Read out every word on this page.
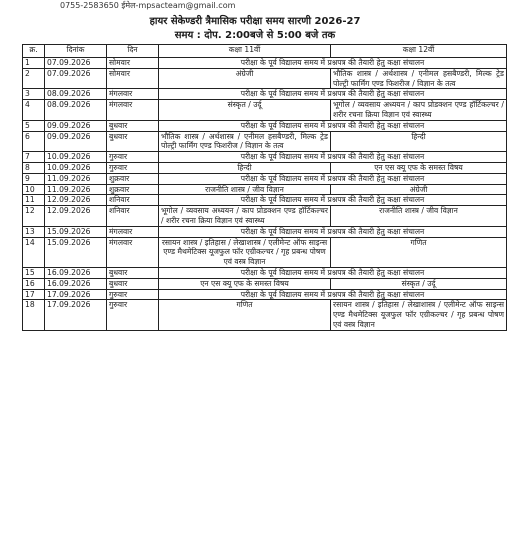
0755-2583650 ईमेल-mpsacteam@gmail.com
हायर सेकेण्डरी त्रैमासिक परीक्षा समय सारणी 2026-27
समय : दोप. 2:00बजे से 5:00 बजे तक
क्र.	दिनांक	दिन	कक्षा 11वीं	कक्षा 12वीं
1	07.09.2026	सोमवार	परीक्षा के पूर्व विद्यालय समय में प्रश्नपत्र की तैयारी हेतु कक्षा संचालन	
2	07.09.2026	सोमवार	अंग्रेजी	भौतिक शास्त्र / अर्थशास्त्र / एनीमल हसबैण्डरी, मिल्क ट्रेड पोल्ट्री फार्मिंग एण्ड फिशरीज / विज्ञान के तत्व
3	08.09.2026	मंगलवार	परीक्षा के पूर्व विद्यालय समय में प्रश्नपत्र की तैयारी हेतु कक्षा संचालन	
4	08.09.2026	मंगलवार	संस्कृत / उर्दू	भूगोल / व्यवसाय अध्ययन / काप प्रोडक्शन एण्ड हॉर्टिकल्चर / शरीर रचना क्रिया विज्ञान एवं स्वास्थ्य
5	09.09.2026	बुधवार	परीक्षा के पूर्व विद्यालय समय में प्रश्नपत्र की तैयारी हेतु कक्षा संचालन	
6	09.09.2026	बुधवार	भौतिक शास्त्र / अर्थशास्त्र / एनीमल हसबैण्डरी, मिल्क ट्रेड पोल्ट्री फार्मिंग एण्ड फिशरीज / विज्ञान के तत्व	हिन्दी
7	10.09.2026	गुरुवार	परीक्षा के पूर्व विद्यालय समय में प्रश्नपत्र की तैयारी हेतु कक्षा संचालन	
8	10.09.2026	गुरुवार	हिन्दी	एन एस क्यू एफ के समस्त विषय
9	11.09.2026	शुक्रवार	परीक्षा के पूर्व विद्यालय समय में प्रश्नपत्र की तैयारी हेतु कक्षा संचालन	
10	11.09.2026	शुक्रवार	राजनीति शास्त्र / जीव विज्ञान	अंग्रेजी
11	12.09.2026	शनिवार	परीक्षा के पूर्व विद्यालय समय में प्रश्नपत्र की तैयारी हेतु कक्षा संचालन	
12	12.09.2026	शनिवार	भूगोल / व्यवसाय अध्ययन / काप प्रोडक्शन एण्ड हॉर्टिकल्चर / शरीर रचना क्रिया विज्ञान एवं स्वास्थ्य	राजनीति शास्त्र / जीव विज्ञान
13	15.09.2026	मंगलवार	परीक्षा के पूर्व विद्यालय समय में प्रश्नपत्र की तैयारी हेतु कक्षा संचालन	
14	15.09.2026	मंगलवार	रसायन शास्त्र / इतिहास / लेखाशास्त्र / एलीमेन्ट ऑफ साइन्स एण्ड मैथमेटिक्स यूजफुल फॉर एग्रीकल्चर / गृह प्रबन्ध पोषण एवं वस्त्र विज्ञान	गणित
15	16.09.2026	बुधवार	परीक्षा के पूर्व विद्यालय समय में प्रश्नपत्र की तैयारी हेतु कक्षा संचालन	
16	16.09.2026	बुधवार	एन एस क्यू एफ के समस्त विषय	संस्कृत / उर्दू
17	17.09.2026	गुरुवार	परीक्षा के पूर्व विद्यालय समय में प्रश्नपत्र की तैयारी हेतु कक्षा संचालन	
18	17.09.2026	गुरुवार	गणित	रसायन शास्त्र / इतिहास / लेखाशास्त्र / एलीमेन्ट ऑफ साइन्स एण्ड मैथमेटिक्स यूजफुल फॉर एग्रीकल्चर / गृह प्रबन्ध पोषण एवं वस्त्र विज्ञान
